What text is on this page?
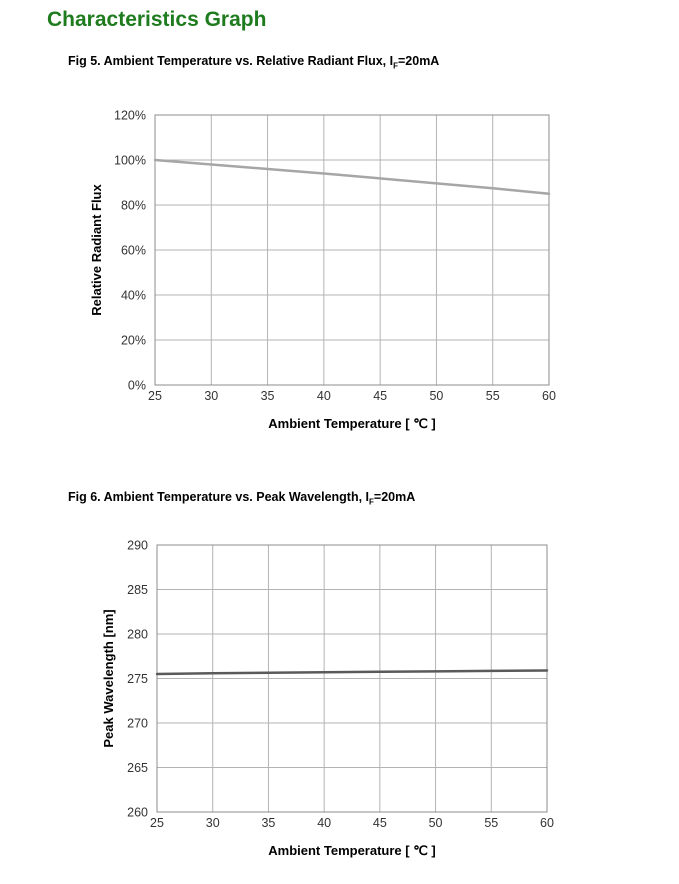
Characteristics Graph
Fig 5. Ambient Temperature vs. Relative Radiant Flux, $I_F=20mA$
25	30	35	40	45	50	55	60
0%
20%
40%
60%
80%
100%
120%
Ambient Temperature [ ℃ ]
Relative Radiant Flux
Fig 6. Ambient Temperature vs. Peak Wavelength, $I_F=20mA$
25	30	35	40	45	50	55	60
260
265
270
275
280
285
290
Ambient Temperature [ ℃ ]
Peak Wavelength [nm]
